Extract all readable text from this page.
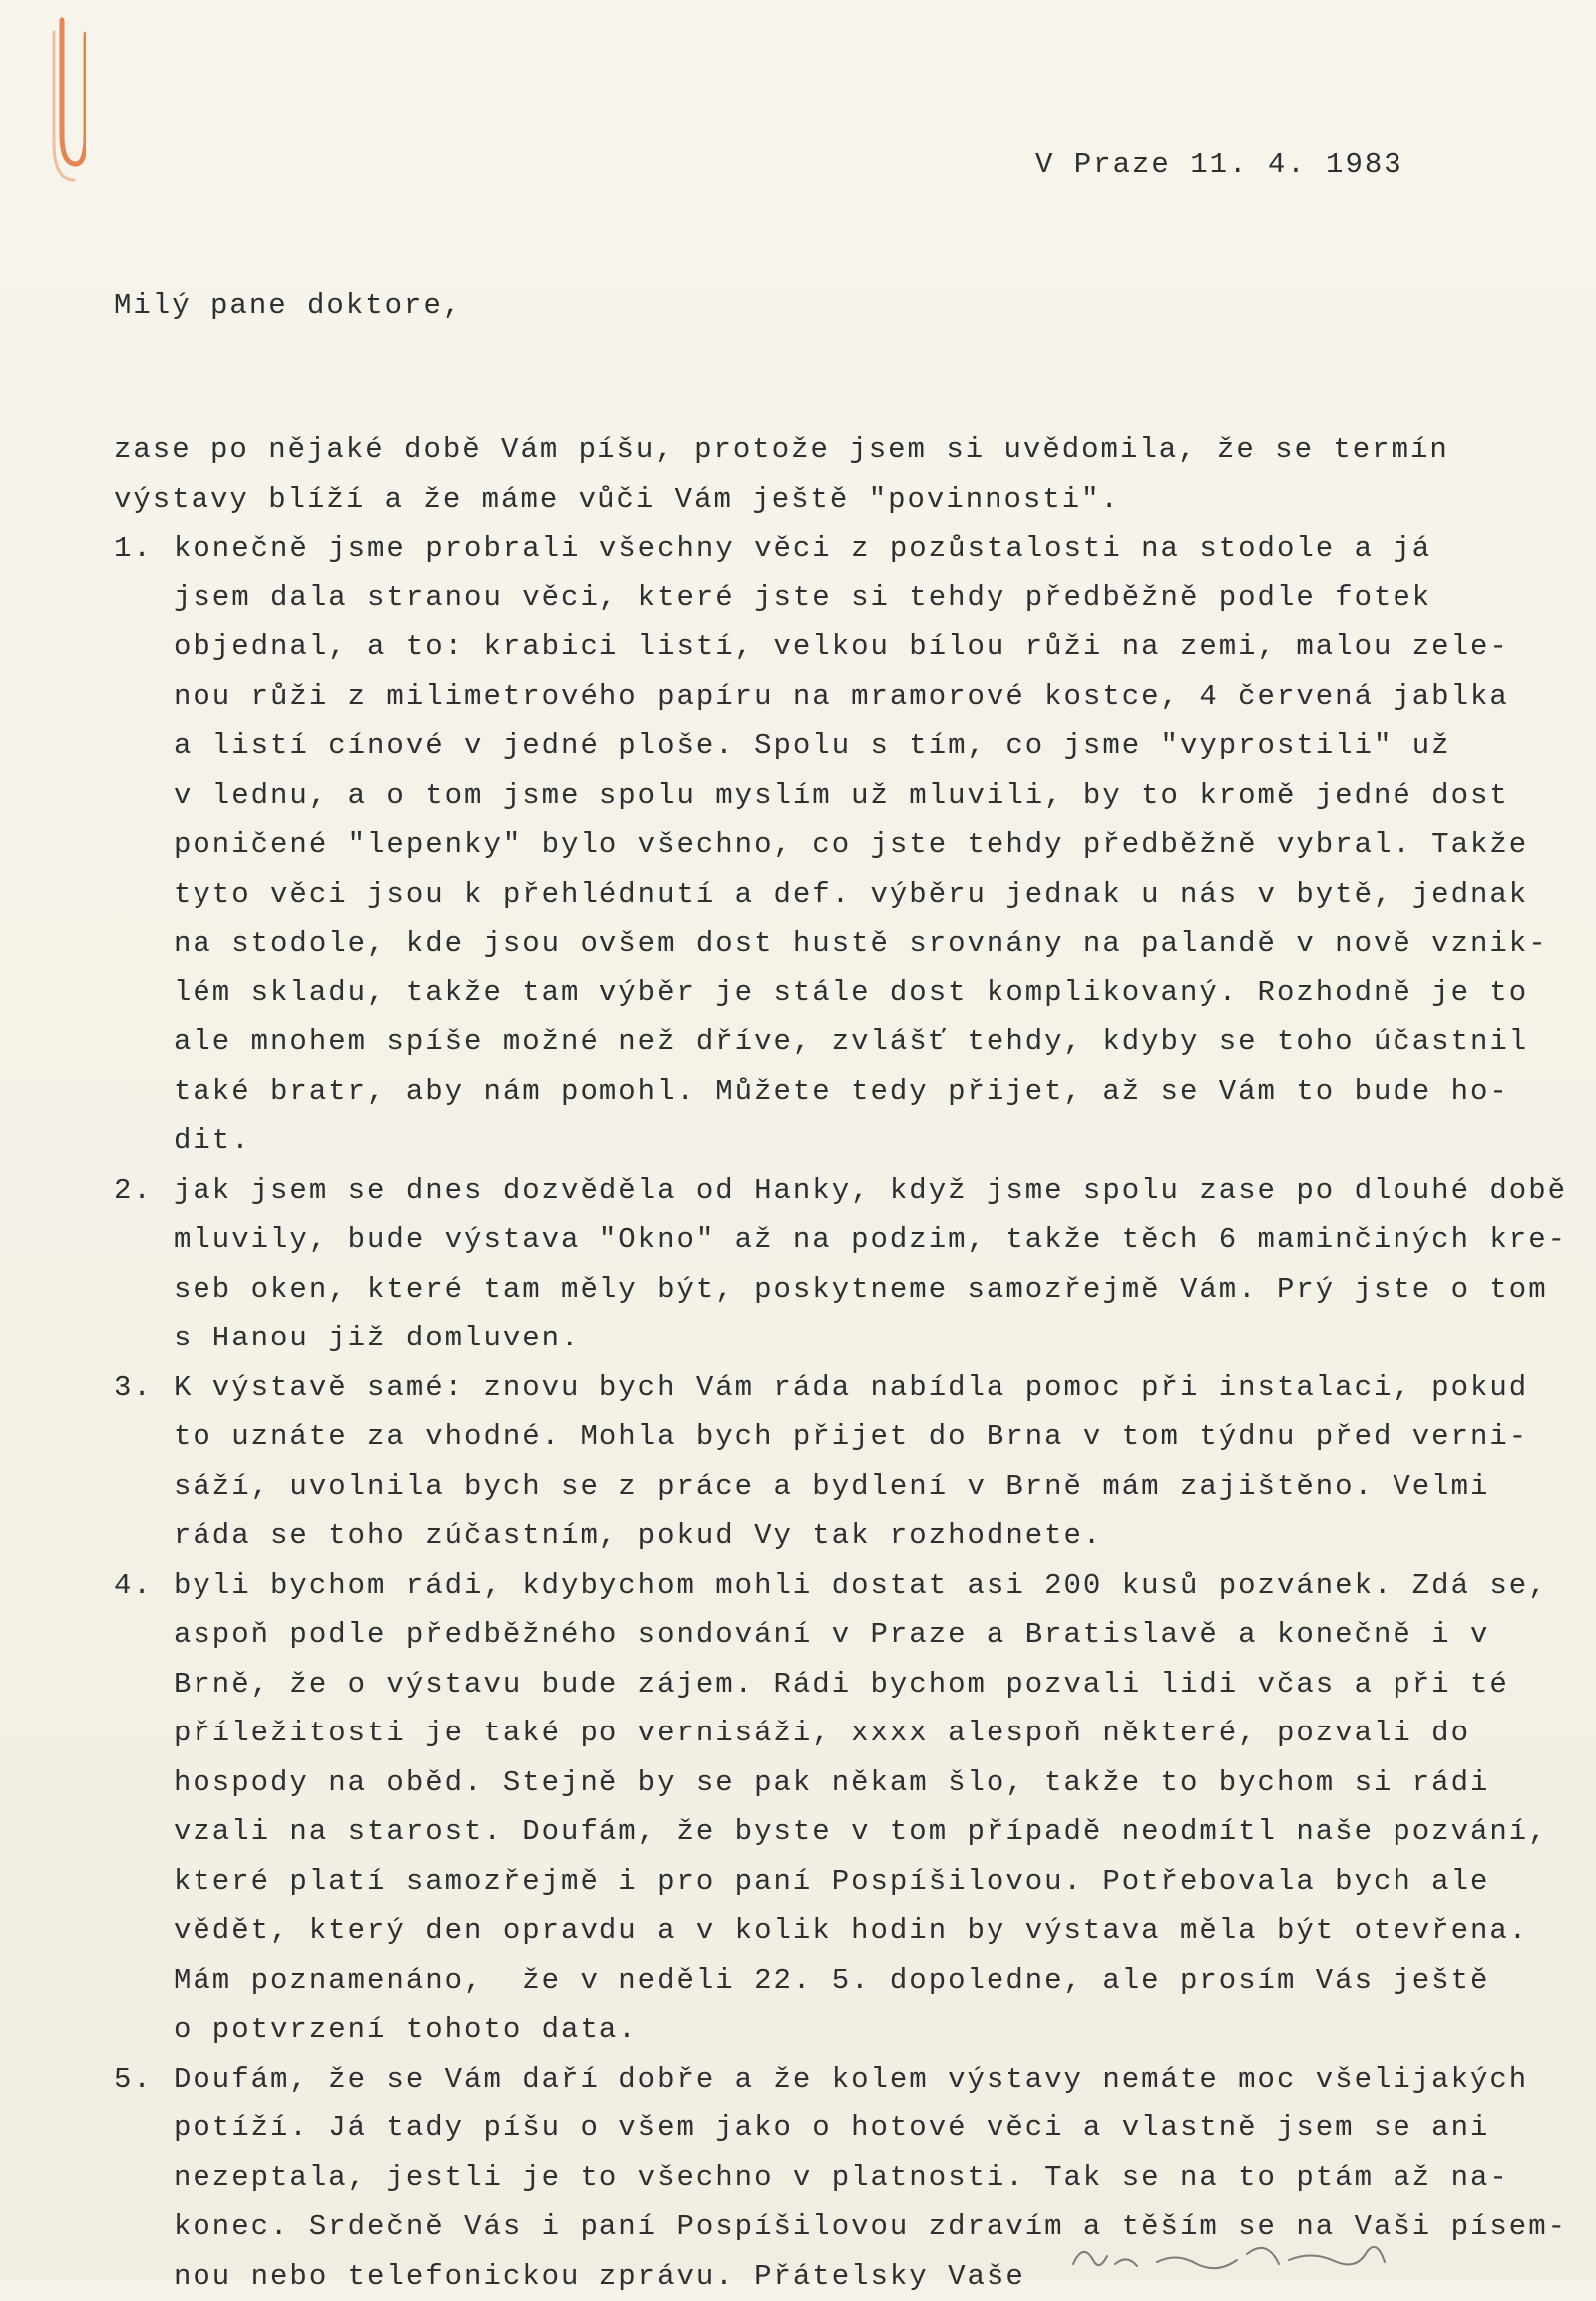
V Praze 11. 4. 1983
Milý pane doktore,
zase po nějaké době Vám píšu, protože jsem si uvědomila, že se termín
výstavy blíží a že máme vůči Vám ještě "povinnosti".
1. konečně jsme probrali všechny věci z pozůstalosti na stodole a já
jsem dala stranou věci, které jste si tehdy předběžně podle fotek
objednal, a to: krabici listí, velkou bílou růži na zemi, malou zele-
nou růži z milimetrového papíru na mramorové kostce, 4 červená jablka
a listí cínové v jedné ploše. Spolu s tím, co jsme "vyprostili" už
v lednu, a o tom jsme spolu myslím už mluvili, by to kromě jedné dost
poničené "lepenky" bylo všechno, co jste tehdy předběžně vybral. Takže
tyto věci jsou k přehlédnutí a def. výběru jednak u nás v bytě, jednak
na stodole, kde jsou ovšem dost hustě srovnány na palandě v nově vznik-
lém skladu, takže tam výběr je stále dost komplikovaný. Rozhodně je to
ale mnohem spíše možné než dříve, zvlášť tehdy, kdyby se toho účastnil
také bratr, aby nám pomohl. Můžete tedy přijet, až se Vám to bude ho-
dit.
2. jak jsem se dnes dozvěděla od Hanky, když jsme spolu zase po dlouhé době
mluvily, bude výstava "Okno" až na podzim, takže těch 6 maminčiných kre-
seb oken, které tam měly být, poskytneme samozřejmě Vám. Prý jste o tom
s Hanou již domluven.
3. K výstavě samé: znovu bych Vám ráda nabídla pomoc při instalaci, pokud
to uznáte za vhodné. Mohla bych přijet do Brna v tom týdnu před verni-
sáží, uvolnila bych se z práce a bydlení v Brně mám zajištěno. Velmi
ráda se toho zúčastním, pokud Vy tak rozhodnete.
4. byli bychom rádi, kdybychom mohli dostat asi 200 kusů pozvánek. Zdá se,
aspoň podle předběžného sondování v Praze a Bratislavě a konečně i v
Brně, že o výstavu bude zájem. Rádi bychom pozvali lidi včas a při té
příležitosti je také po vernisáži, xxxx alespoň některé, pozvali do
hospody na oběd. Stejně by se pak někam šlo, takže to bychom si rádi
vzali na starost. Doufám, že byste v tom případě neodmítl naše pozvání,
které platí samozřejmě i pro paní Pospíšilovou. Potřebovala bych ale
vědět, který den opravdu a v kolik hodin by výstava měla být otevřena.
Mám poznamenáno,  že v neděli 22. 5. dopoledne, ale prosím Vás ještě
o potvrzení tohoto data.
5. Doufám, že se Vám daří dobře a že kolem výstavy nemáte moc všelijakých
potíží. Já tady píšu o všem jako o hotové věci a vlastně jsem se ani
nezeptala, jestli je to všechno v platnosti. Tak se na to ptám až na-
konec. Srdečně Vás i paní Pospíšilovou zdravím a těším se na Vaši písem-
nou nebo telefonickou zprávu. Přátelsky Vaše
